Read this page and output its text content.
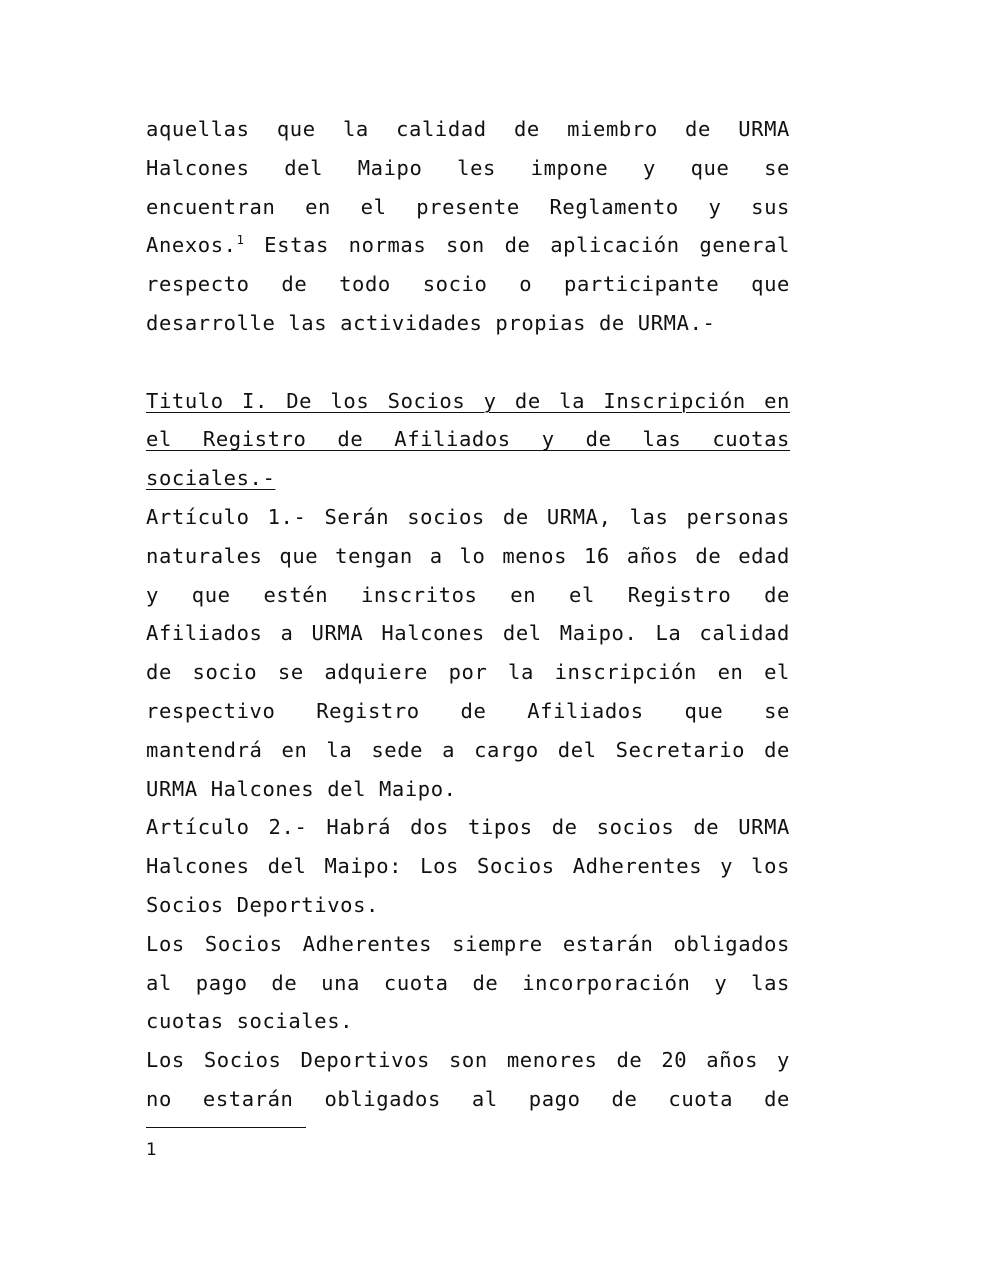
aquellas que la calidad de miembro de URMA
Halcones del Maipo les impone y que se
encuentran en el presente Reglamento y sus
Anexos.$^1$ Estas normas son de aplicación general
respecto de todo socio o participante que
desarrolle las actividades propias de URMA.-
Titulo I. De los Socios y de la Inscripción en
el Registro de Afiliados y de las cuotas
sociales.-
Artículo 1.- Serán socios de URMA, las personas
naturales que tengan a lo menos 16 años de edad
y que estén inscritos en el Registro de
Afiliados a URMA Halcones del Maipo. La calidad
de socio se adquiere por la inscripción en el
respectivo Registro de Afiliados que se
mantendrá en la sede a cargo del Secretario de
URMA Halcones del Maipo.
Artículo 2.- Habrá dos tipos de socios de URMA
Halcones del Maipo: Los Socios Adherentes y los
Socios Deportivos.
Los Socios Adherentes siempre estarán obligados
al pago de una cuota de incorporación y las
cuotas sociales.
Los Socios Deportivos son menores de 20 años y
no estarán obligados al pago de cuota de
1
